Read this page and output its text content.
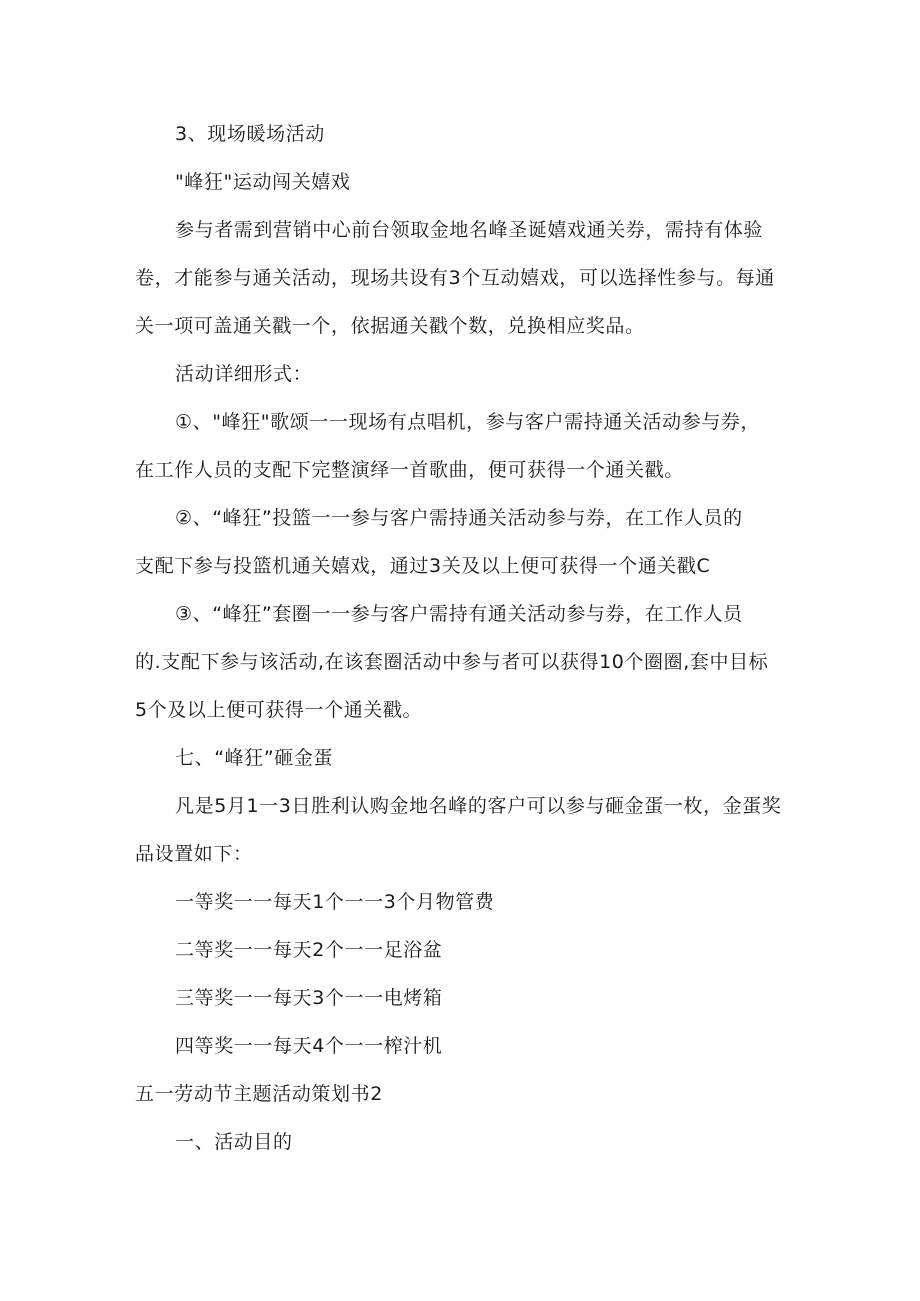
3、现场暖场活动
"峰狂"运动闯关嬉戏
参与者需到营销中心前台领取金地名峰圣诞嬉戏通关券，需持有体验
卷，才能参与通关活动，现场共设有3个互动嬉戏，可以选择性参与。每通
关一项可盖通关戳一个，依据通关戳个数，兑换相应奖品。
活动详细形式：
①、"峰狂"歌颂一一现场有点唱机，参与客户需持通关活动参与券，
在工作人员的支配下完整演绎一首歌曲，便可获得一个通关戳。
②、“峰狂”投篮一一参与客户需持通关活动参与券，在工作人员的
支配下参与投篮机通关嬉戏，通过3关及以上便可获得一个通关戳C
③、“峰狂”套圈一一参与客户需持有通关活动参与券，在工作人员
的.支配下参与该活动,在该套圈活动中参与者可以获得10个圈圈,套中目标
5个及以上便可获得一个通关戳。
七、“峰狂”砸金蛋
凡是5月1一3日胜利认购金地名峰的客户可以参与砸金蛋一枚，金蛋奖
品设置如下：
一等奖一一每天1个一一3个月物管费
二等奖一一每天2个一一足浴盆
三等奖一一每天3个一一电烤箱
四等奖一一每天4个一一榨汁机
五一劳动节主题活动策划书2
一、活动目的
